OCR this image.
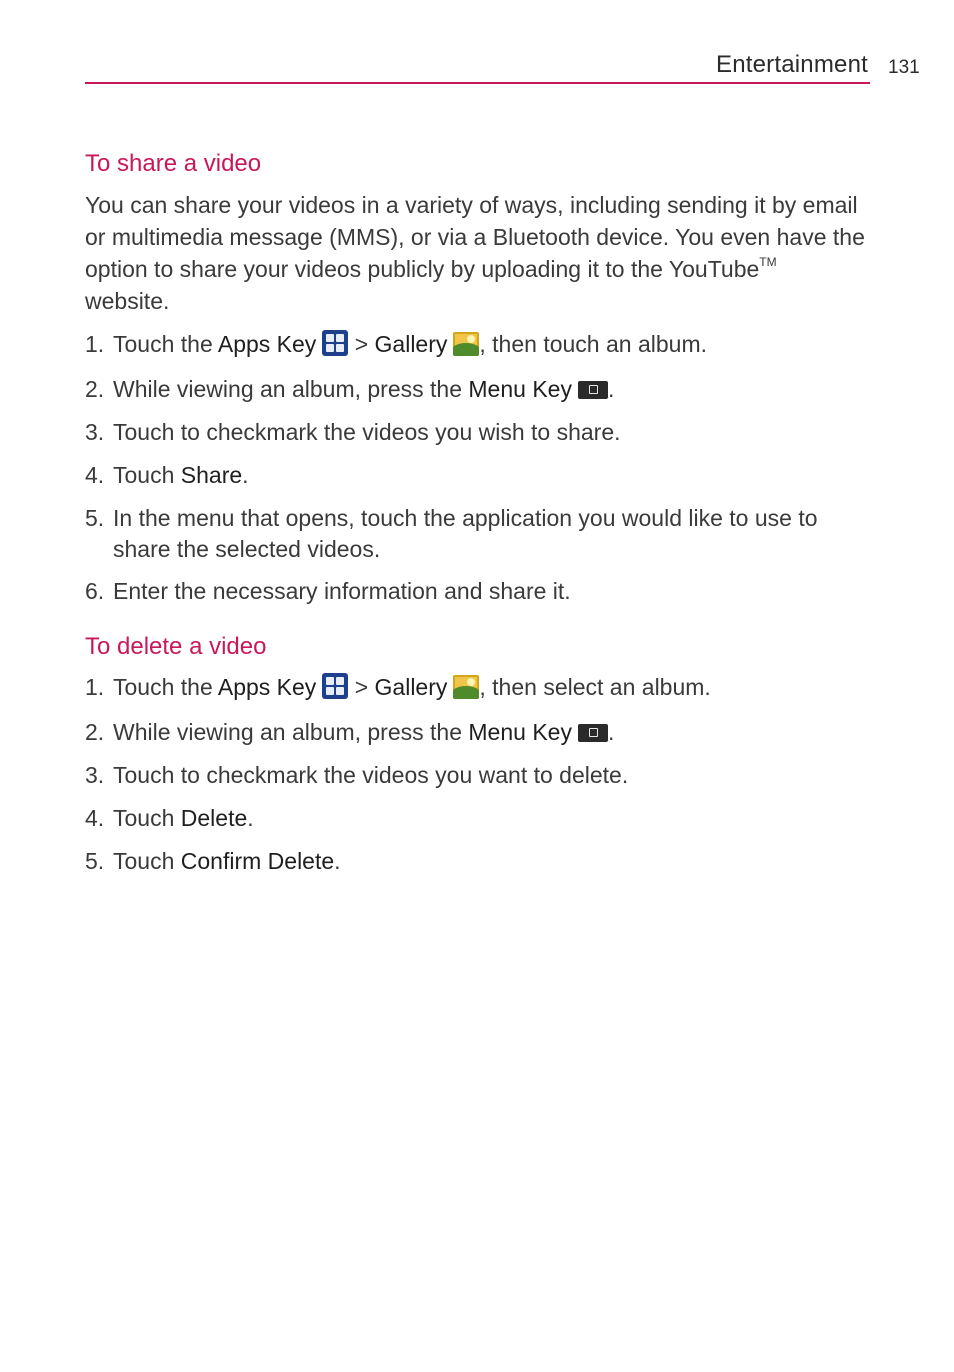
Entertainment 131
To share a video

You can share your videos in a variety of ways, including sending it by email or multimedia message (MMS), or via a Bluetooth device. You even have the option to share your videos publicly by uploading it to the YouTube™
website.

1. Touch the Apps Key
> Gallery , then touch an album.
2. While viewing an album, press the Menu Key .
3. Touch to checkmark the videos you wish to share.
4. Touch Share.
5. In the menu that opens, touch the application you would like to use to share the selected videos.
6. Enter the necessary information and share it.
To delete a video
1. Touch the Apps Key
> Gallery , then select an album.
2. While viewing an album, press the Menu Key .
3. Touch to checkmark the videos you want to delete.
4. Touch Delete.
5. Touch Confirm Delete.
